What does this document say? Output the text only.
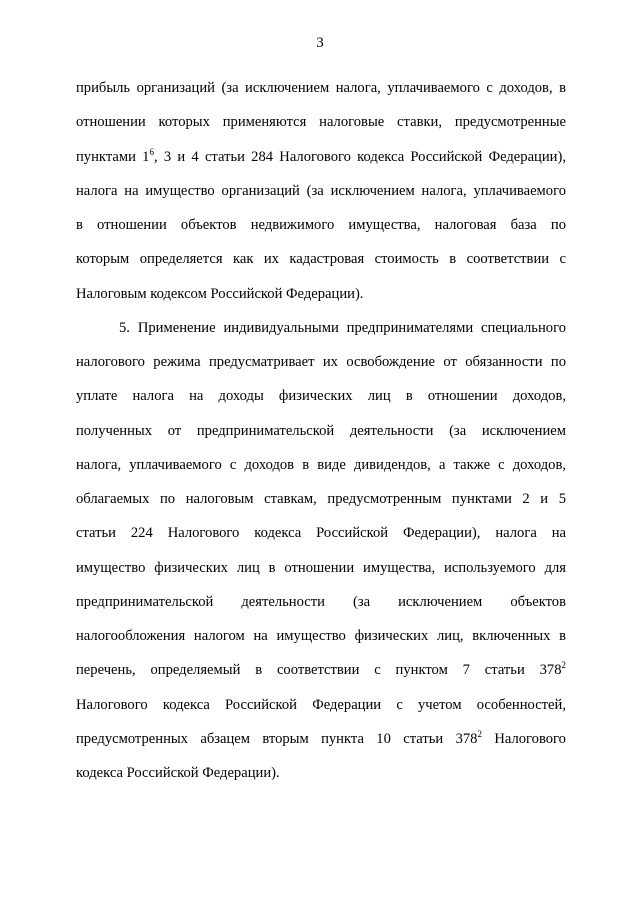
3
прибыль организаций (за исключением налога, уплачиваемого с доходов, в
отношении которых применяются налоговые ставки, предусмотренные
пунктами $1^6$, 3 и 4 статьи 284 Налогового кодекса Российской Федерации),
налога на имущество организаций (за исключением налога, уплачиваемого
в отношении объектов недвижимого имущества, налоговая база по
которым определяется как их кадастровая стоимость в соответствии с
Налоговым кодексом Российской Федерации).
5. Применение индивидуальными предпринимателями специального
налогового режима предусматривает их освобождение от обязанности по
уплате налога на доходы физических лиц в отношении доходов,
полученных от предпринимательской деятельности (за исключением
налога, уплачиваемого с доходов в виде дивидендов, а также с доходов,
облагаемых по налоговым ставкам, предусмотренным пунктами 2 и 5
статьи 224 Налогового кодекса Российской Федерации), налога на
имущество физических лиц в отношении имущества, используемого для
предпринимательской деятельности (за исключением объектов
налогообложения налогом на имущество физических лиц, включенных в
перечень, определяемый в соответствии с пунктом 7 статьи $378^2$
Налогового кодекса Российской Федерации с учетом особенностей,
предусмотренных абзацем вторым пункта 10 статьи $378^2$ Налогового
кодекса Российской Федерации).
